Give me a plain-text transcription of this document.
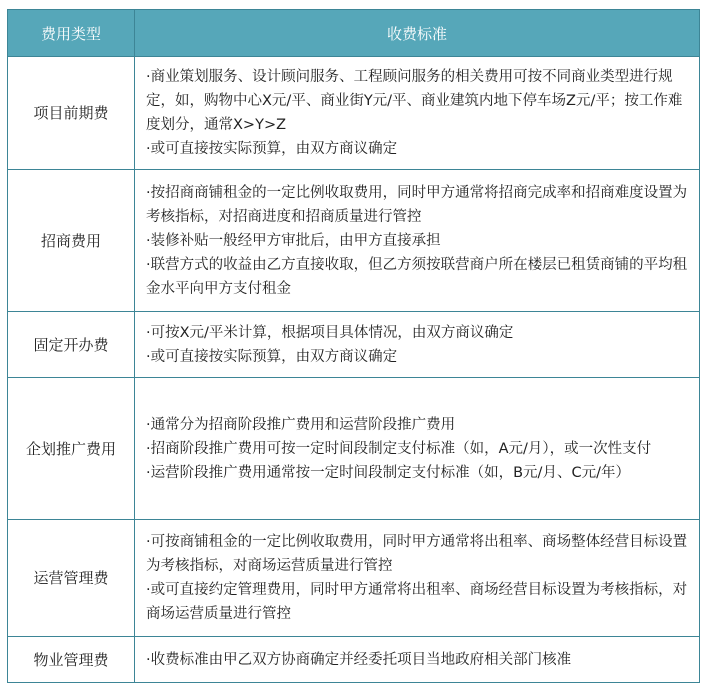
费用类型	收费标准
项目前期费	·商业策划服务、设计顾问服务、工程顾问服务的相关费用可按不同商业类型进行规定，如，购物中心X元/平、商业街Y元/平、商业建筑内地下停车场Z元/平；按工作难度划分，通常X>Y>Z
·或可直接按实际预算，由双方商议确定

招商费用	·按招商商铺租金的一定比例收取费用，同时甲方通常将招商完成率和招商难度设置为考核指标，对招商进度和招商质量进行管控
·装修补贴一般经甲方审批后，由甲方直接承担
·联营方式的收益由乙方直接收取，但乙方须按联营商户所在楼层已租赁商铺的平均租金水平向甲方支付租金

固定开办费	·可按X元/平米计算，根据项目具体情况，由双方商议确定
·或可直接按实际预算，由双方商议确定

企划推广费用	·通常分为招商阶段推广费用和运营阶段推广费用
·招商阶段推广费用可按一定时间段制定支付标准（如，A元/月），或一次性支付
·运营阶段推广费用通常按一定时间段制定支付标准（如，B元/月、C元/年）

运营管理费	·可按商铺租金的一定比例收取费用，同时甲方通常将出租率、商场整体经营目标设置为考核指标，对商场运营质量进行管控
·或可直接约定管理费用，同时甲方通常将出租率、商场经营目标设置为考核指标，对商场运营质量进行管控

物业管理费	·收费标准由甲乙双方协商确定并经委托项目当地政府相关部门核准
